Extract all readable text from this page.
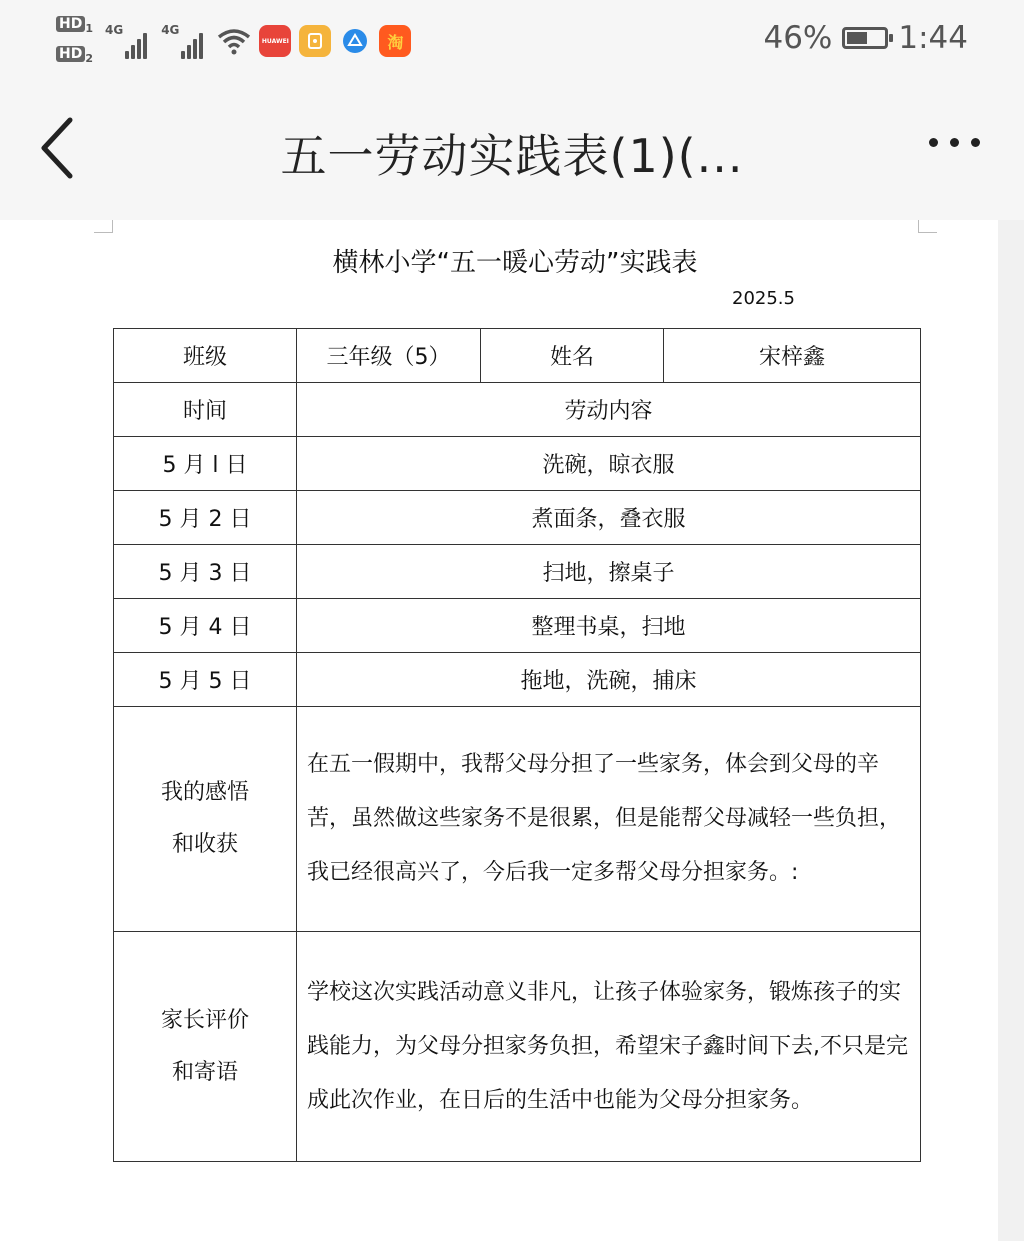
HD $_1$
HD $_2$
4G	4G
HUAWEI	淘	46% 1:44
五一劳动实践表(1)(...
横林小学“五一暖心劳动”实践表
2025.5
班级	三年级（5）	姓名	宋梓鑫
时间	劳动内容		
5 月 l 日	洗碗，晾衣服		
5 月 2 日	煮面条，叠衣服		
5 月 3 日	扫地，擦桌子		
5 月 4 日	整理书桌，扫地		
5 月 5 日	拖地，洗碗，捕床		

我的感悟
和收获	在五一假期中，我帮父母分担了一些家务，体会到父母的辛苦，虽然做这些家务不是很累，但是能帮父母减轻一些负担，我已经很高兴了，今后我一定多帮父母分担家务。:		

家长评价
和寄语	学校这次实践活动意义非凡，让孩子体验家务，锻炼孩子的实践能力，为父母分担家务负担，希望宋子鑫时间下去,不只是完成此次作业，在日后的生活中也能为父母分担家务。		
